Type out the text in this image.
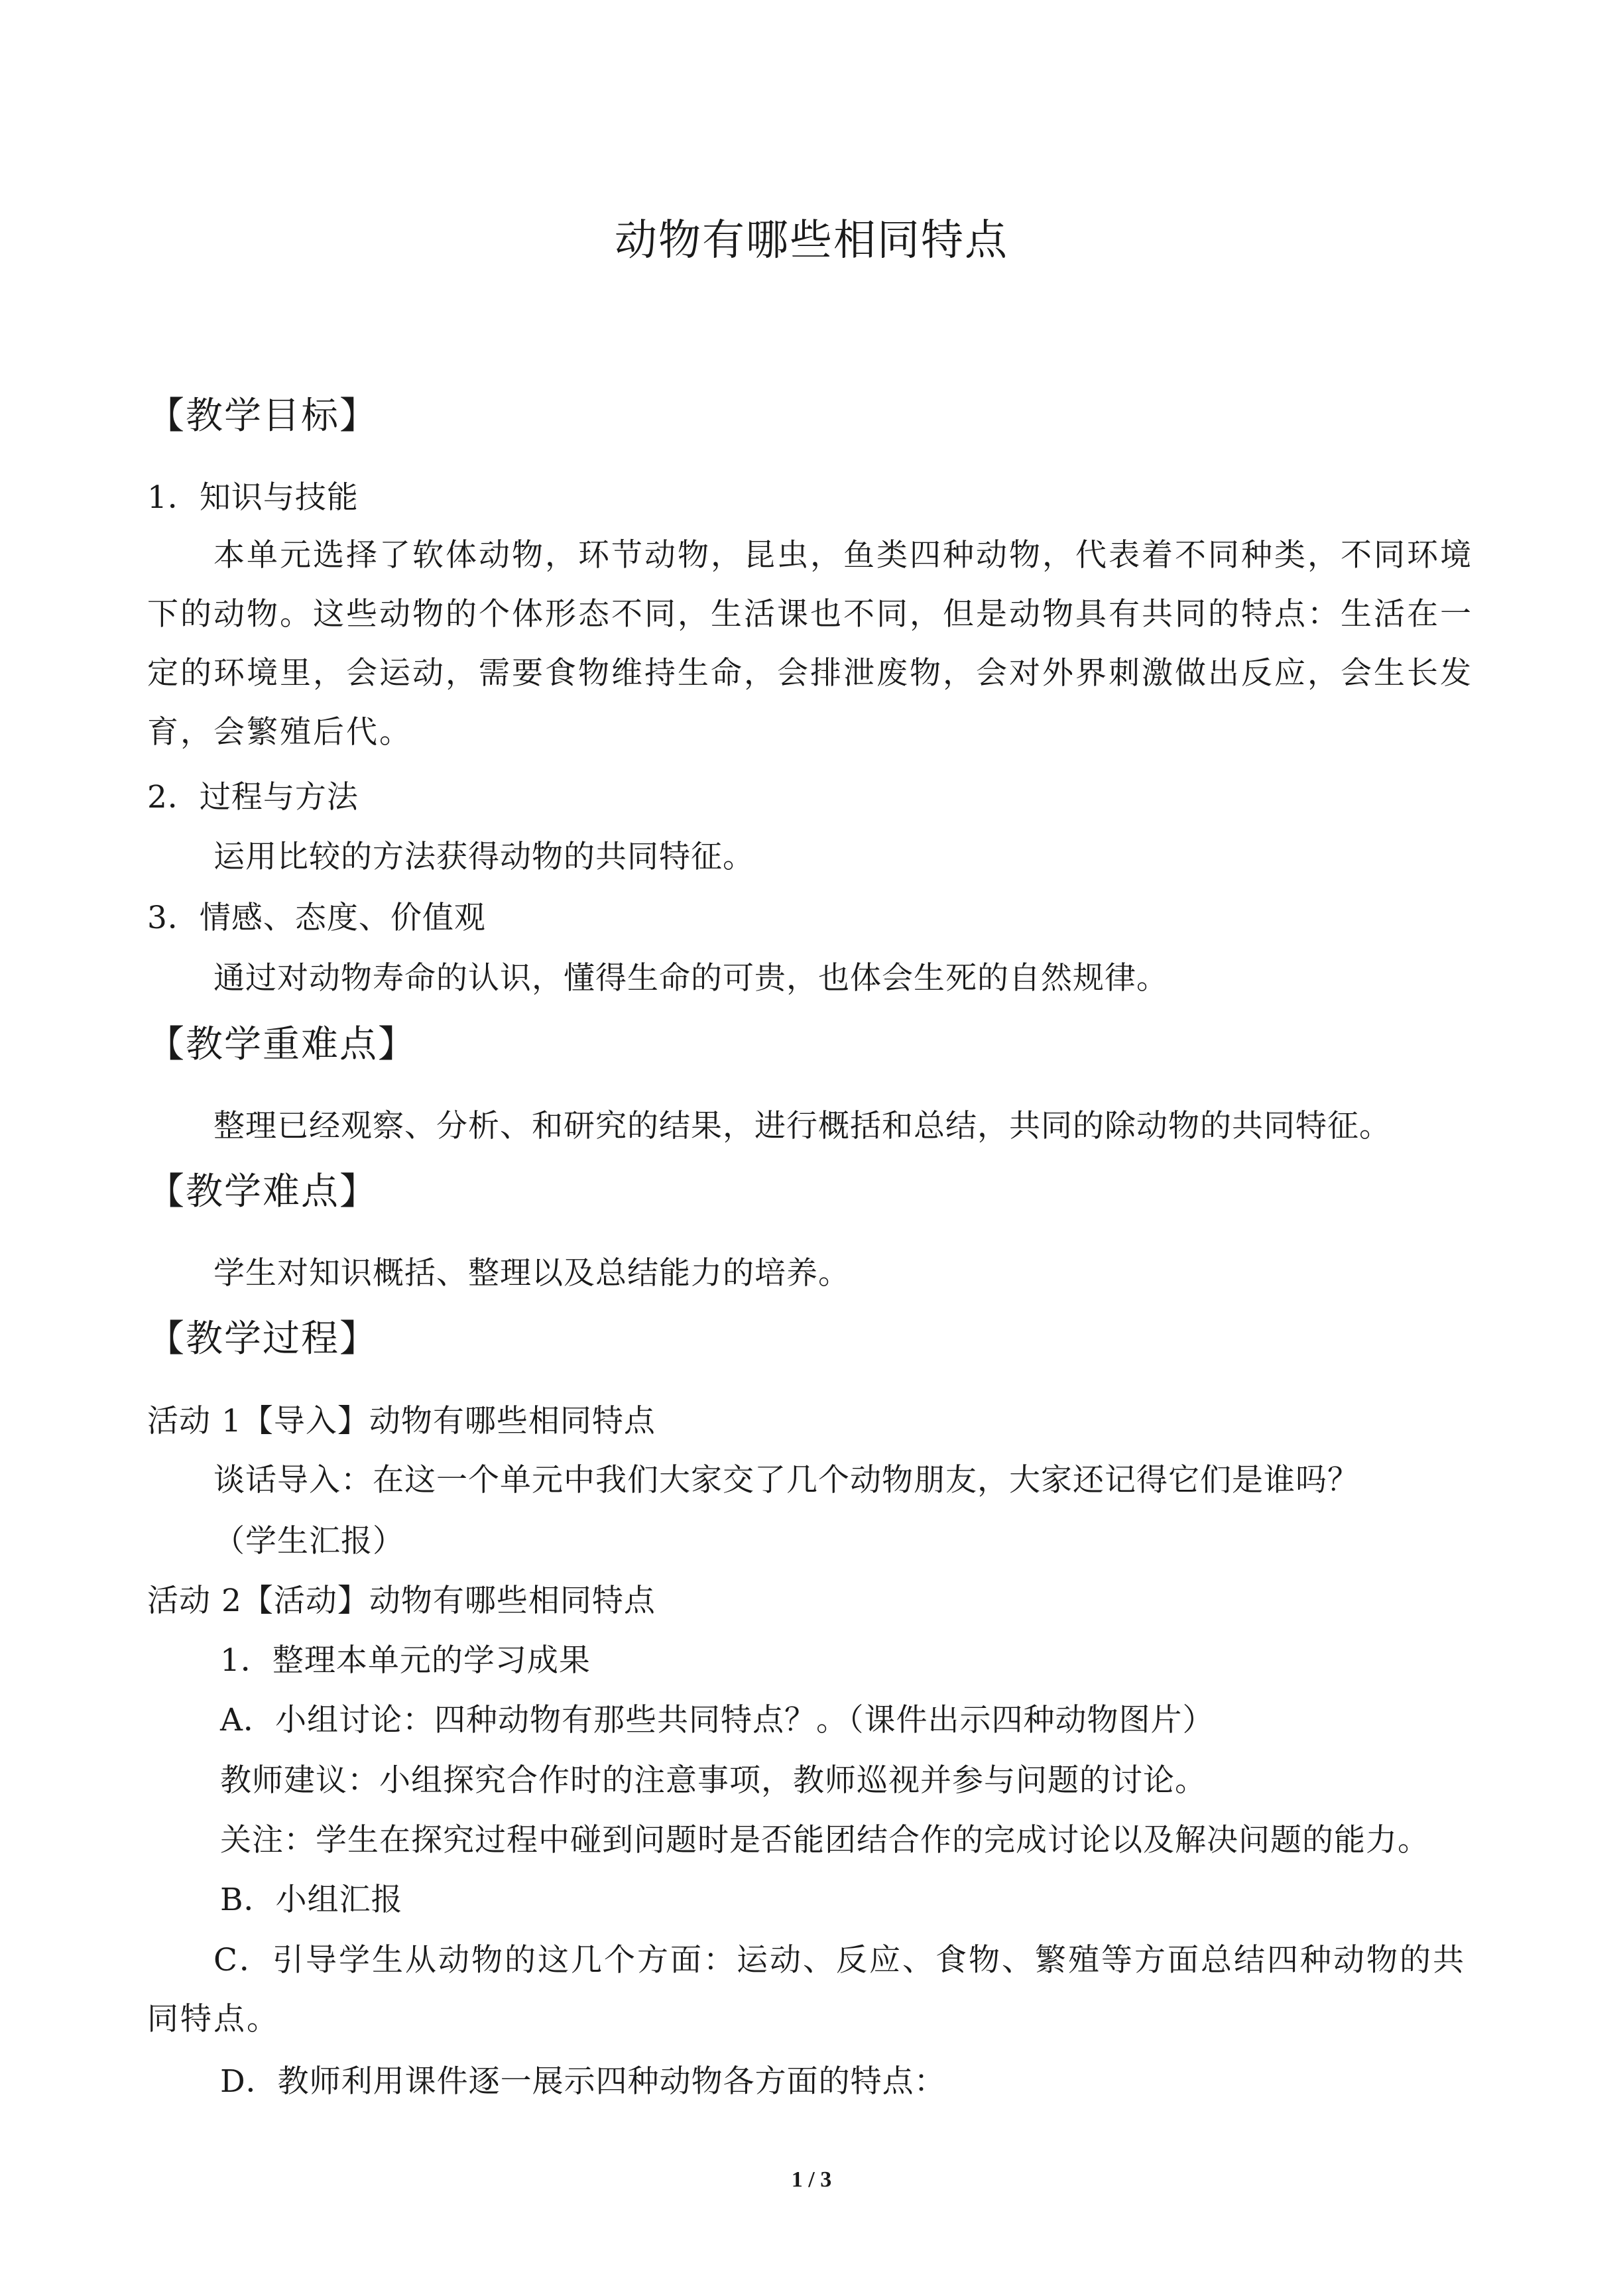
动物有哪些相同特点
【教学目标】
1．知识与技能
本单元选择了软体动物，环节动物，昆虫，鱼类四种动物，代表着不同种类，不同环境下的动物。这些动物的个体形态不同，生活课也不同，但是动物具有共同的特点：生活在一定的环境里，会运动，需要食物维持生命，会排泄废物，会对外界刺激做出反应，会生长发育，会繁殖后代。
2．过程与方法
运用比较的方法获得动物的共同特征。
3．情感、态度、价值观
通过对动物寿命的认识，懂得生命的可贵，也体会生死的自然规律。
【教学重难点】
整理已经观察、分析、和研究的结果，进行概括和总结，共同的除动物的共同特征。
【教学难点】
学生对知识概括、整理以及总结能力的培养。
【教学过程】
活动 1【导入】动物有哪些相同特点
谈话导入：在这一个单元中我们大家交了几个动物朋友，大家还记得它们是谁吗？
（学生汇报）
活动 2【活动】动物有哪些相同特点
1．整理本单元的学习成果
A．小组讨论：四种动物有那些共同特点？。（课件出示四种动物图片）
教师建议：小组探究合作时的注意事项，教师巡视并参与问题的讨论。
关注：学生在探究过程中碰到问题时是否能团结合作的完成讨论以及解决问题的能力。
B．小组汇报
C．引导学生从动物的这几个方面：运动、反应、食物、繁殖等方面总结四种动物的共同特点。
D．教师利用课件逐一展示四种动物各方面的特点：
1 / 3
